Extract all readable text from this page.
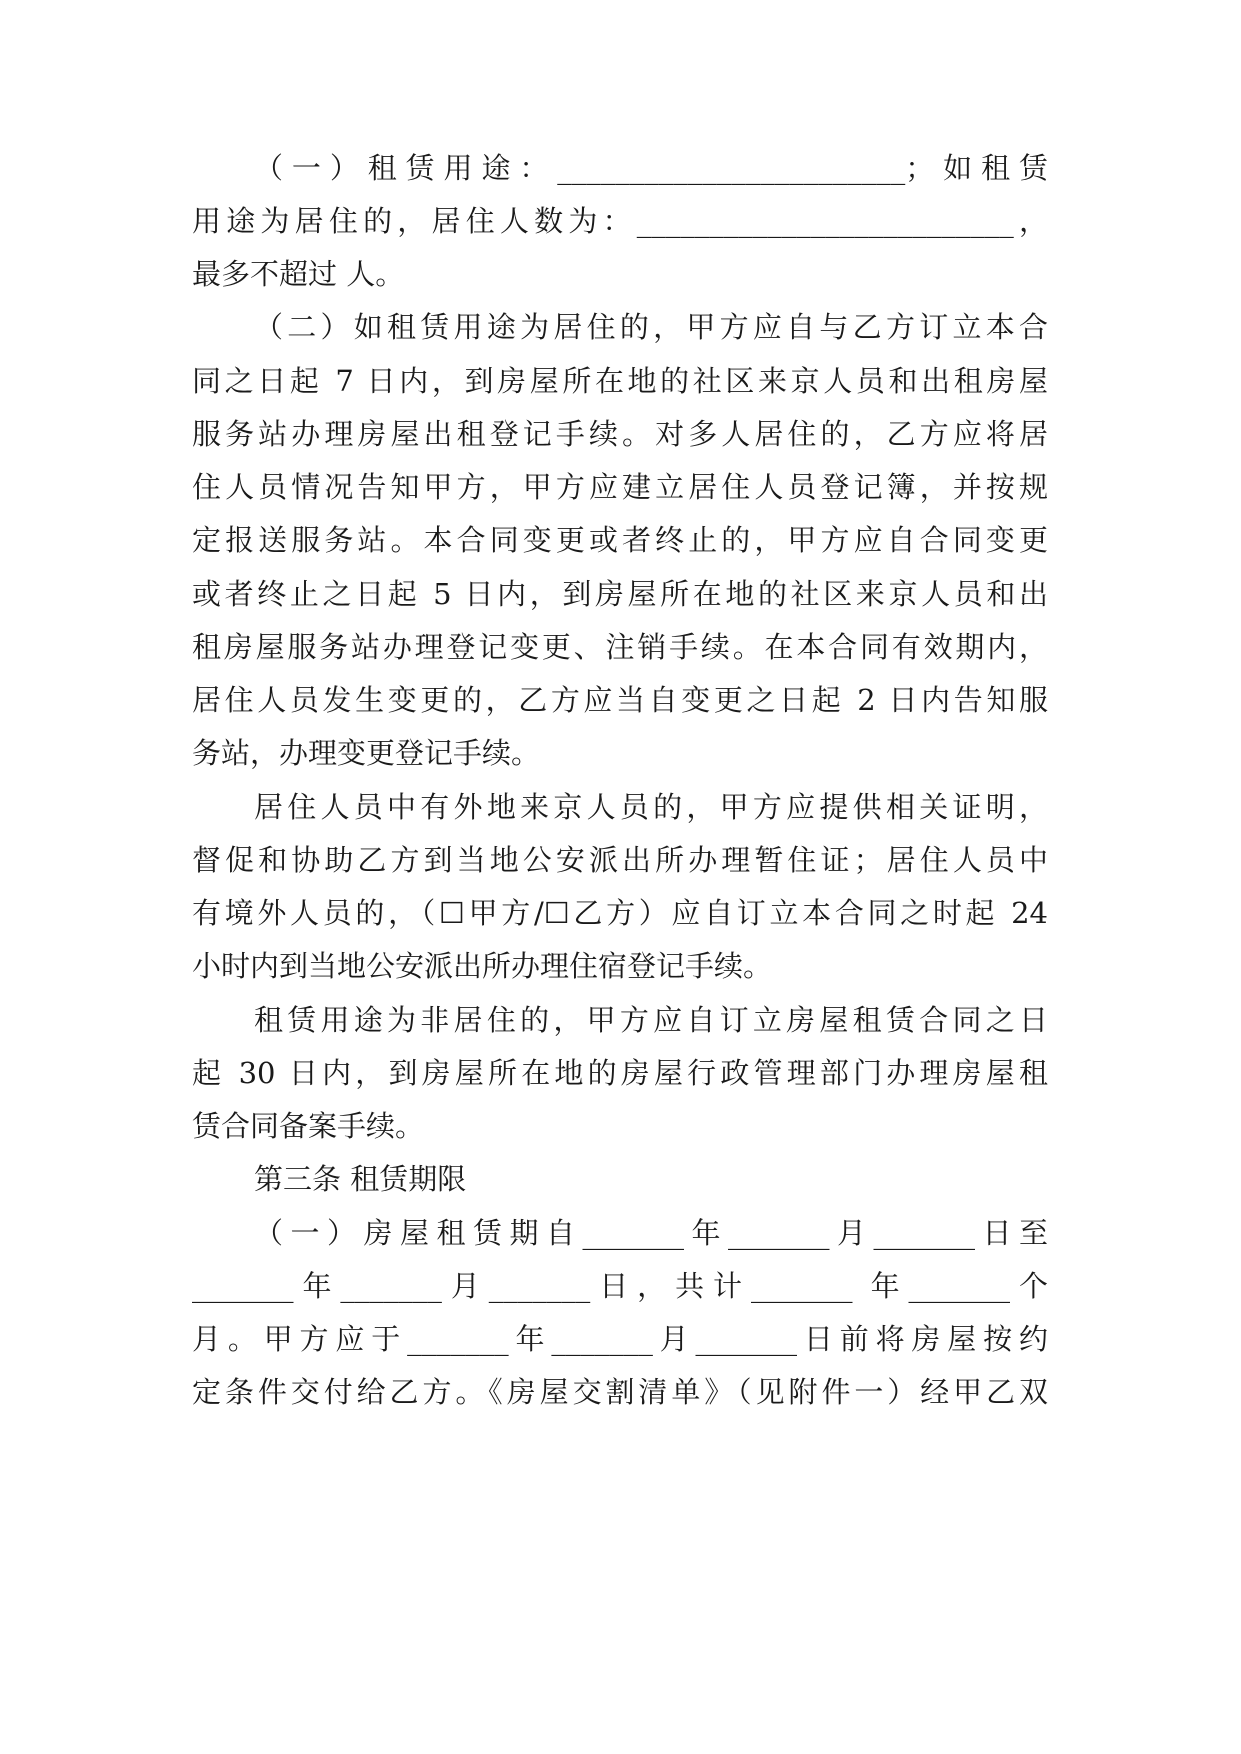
（一）租赁用途：________________________；如租赁
用途为居住的，居住人数为：__________________________，
最多不超过 人。
（二）如租赁用途为居住的，甲方应自与乙方订立本合
同之日起 7 日内，到房屋所在地的社区来京人员和出租房屋
服务站办理房屋出租登记手续。对多人居住的，乙方应将居
住人员情况告知甲方，甲方应建立居住人员登记簿，并按规
定报送服务站。本合同变更或者终止的，甲方应自合同变更
或者终止之日起 5 日内，到房屋所在地的社区来京人员和出
租房屋服务站办理登记变更、注销手续。在本合同有效期内，
居住人员发生变更的，乙方应当自变更之日起 2 日内告知服
务站，办理变更登记手续。
居住人员中有外地来京人员的，甲方应提供相关证明，
督促和协助乙方到当地公安派出所办理暂住证；居住人员中
有境外人员的，（☐甲方/☐乙方）应自订立本合同之时起 24
小时内到当地公安派出所办理住宿登记手续。
租赁用途为非居住的，甲方应自订立房屋租赁合同之日
起 30 日内，到房屋所在地的房屋行政管理部门办理房屋租
赁合同备案手续。
第三条 租赁期限
（一）房屋租赁期自_______年_______月_______日至
_______年_______月_______日，共计_______ 年_______个
月。甲方应于_______年_______月_______日前将房屋按约
定条件交付给乙方。《房屋交割清单》（见附件一）经甲乙双
